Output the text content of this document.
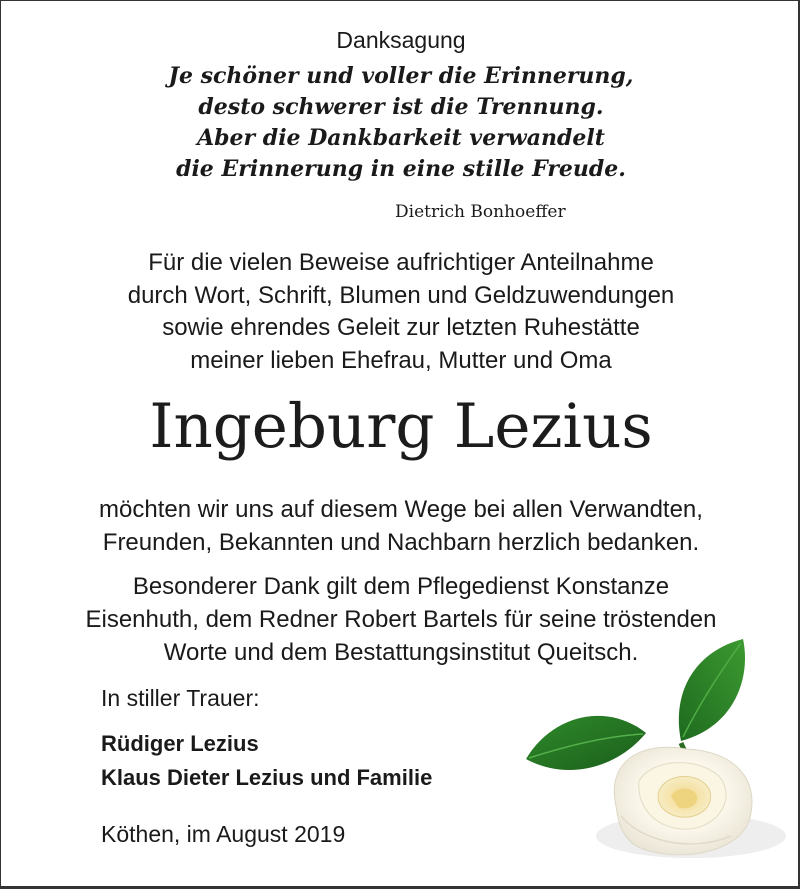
Danksagung
Je schöner und voller die Erinnerung,
desto schwerer ist die Trennung.
Aber die Dankbarkeit verwandelt
die Erinnerung in eine stille Freude.
Dietrich Bonhoeffer
Für die vielen Beweise aufrichtiger Anteilnahme
durch Wort, Schrift, Blumen und Geldzuwendungen
sowie ehrendes Geleit zur letzten Ruhestätte
meiner lieben Ehefrau, Mutter und Oma
Ingeburg Lezius
möchten wir uns auf diesem Wege bei allen Verwandten,
Freunden, Bekannten und Nachbarn herzlich bedanken.
Besonderer Dank gilt dem Pflegedienst Konstanze
Eisenhuth, dem Redner Robert Bartels für seine tröstenden
Worte und dem Bestattungsinstitut Queitsch.
In stiller Trauer:
Rüdiger Lezius
Klaus Dieter Lezius und Familie
Köthen, im August 2019
